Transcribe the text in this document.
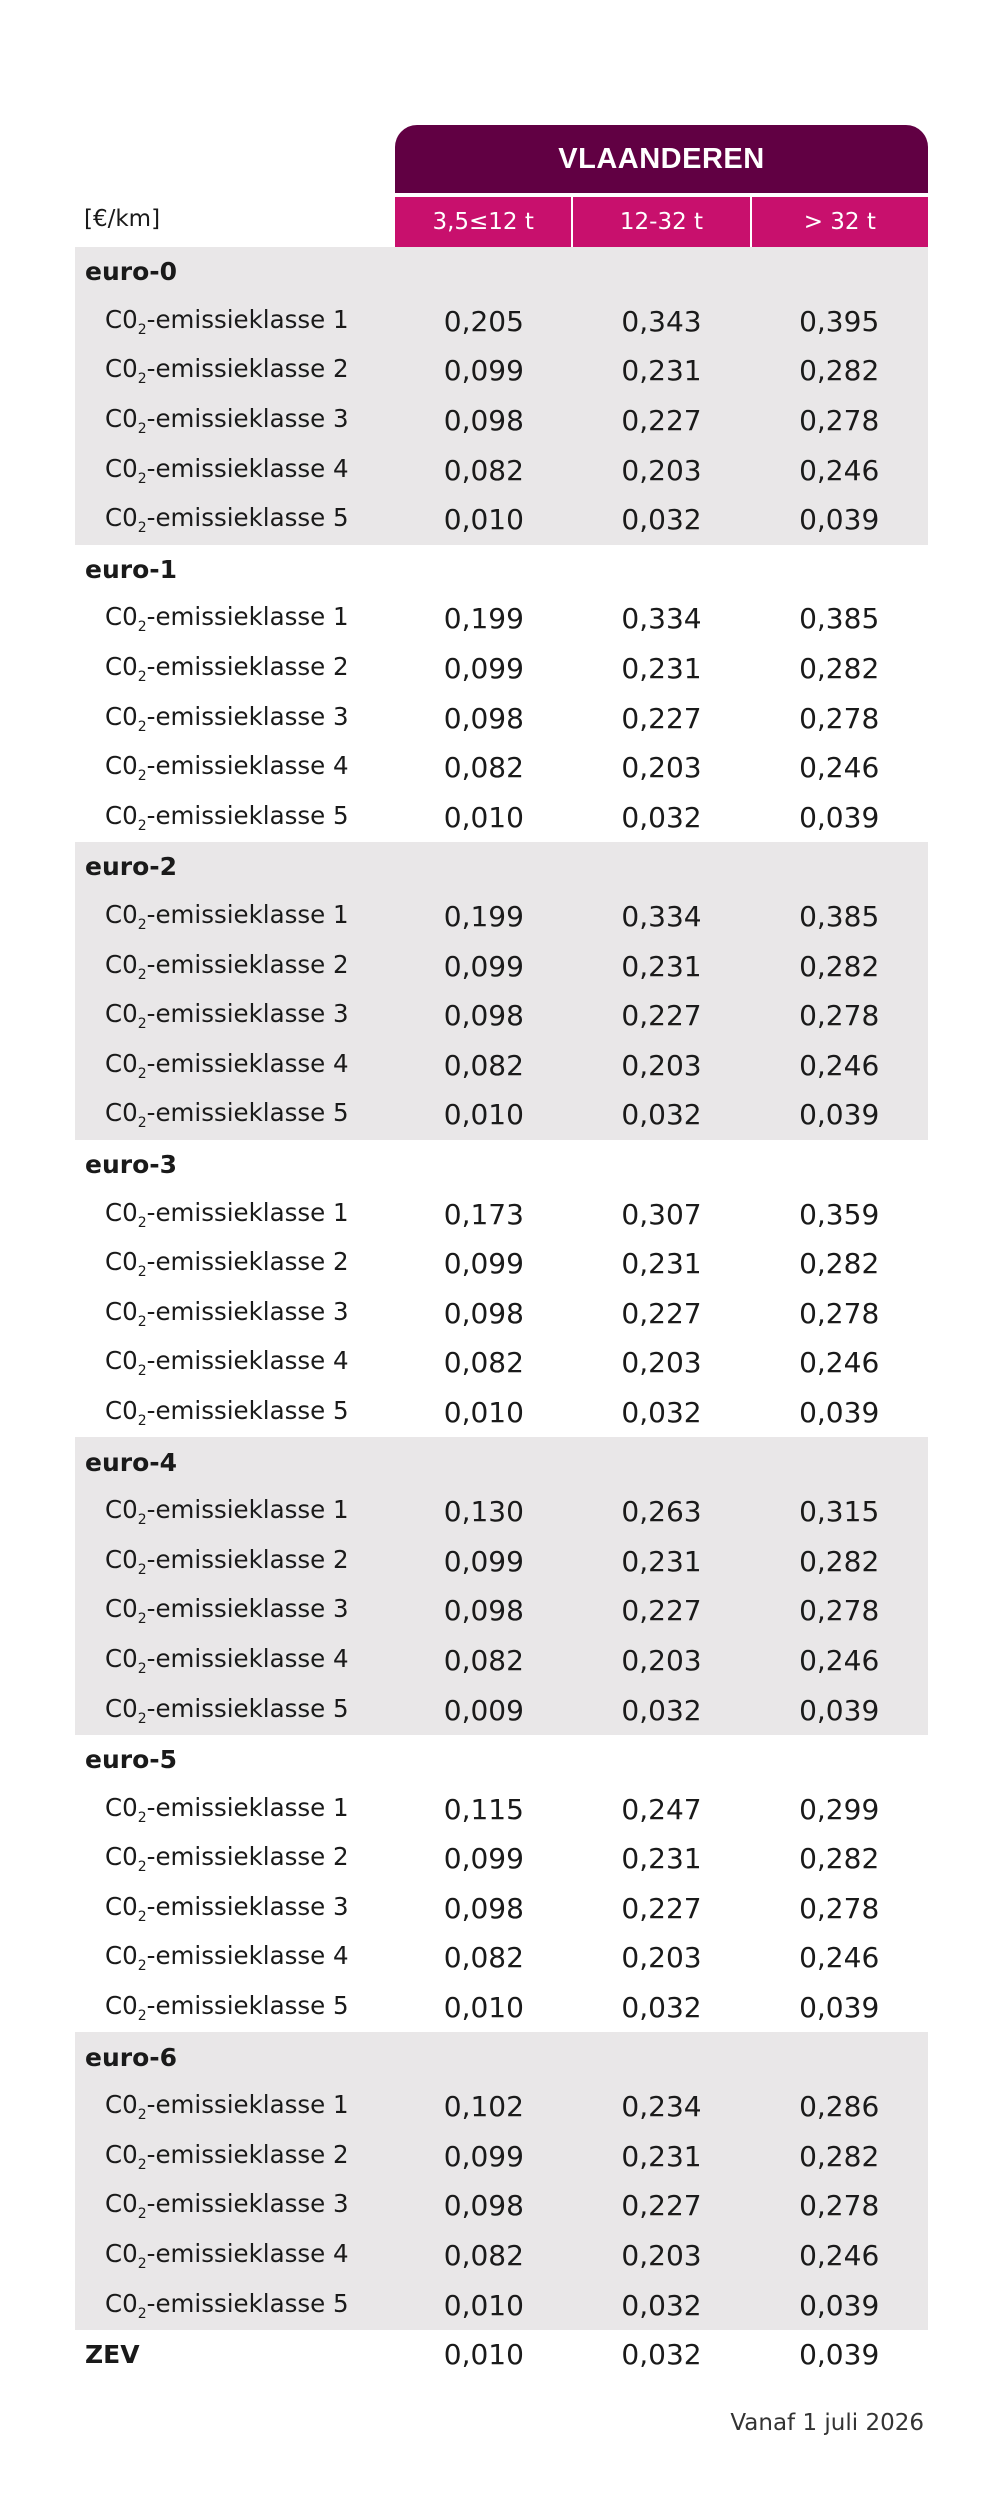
VLAANDEREN
[€/km]	3,5≤12 t	12-32 t	> 32 t
euro-0
$C0_2$-emissieklasse 1	0,205	0,343	0,395
$C0_2$-emissieklasse 2	0,099	0,231	0,282
$C0_2$-emissieklasse 3	0,098	0,227	0,278
$C0_2$-emissieklasse 4	0,082	0,203	0,246
$C0_2$-emissieklasse 5	0,010	0,032	0,039
euro-1
$C0_2$-emissieklasse 1	0,199	0,334	0,385
$C0_2$-emissieklasse 2	0,099	0,231	0,282
$C0_2$-emissieklasse 3	0,098	0,227	0,278
$C0_2$-emissieklasse 4	0,082	0,203	0,246
$C0_2$-emissieklasse 5	0,010	0,032	0,039
euro-2
$C0_2$-emissieklasse 1	0,199	0,334	0,385
$C0_2$-emissieklasse 2	0,099	0,231	0,282
$C0_2$-emissieklasse 3	0,098	0,227	0,278
$C0_2$-emissieklasse 4	0,082	0,203	0,246
$C0_2$-emissieklasse 5	0,010	0,032	0,039
euro-3
$C0_2$-emissieklasse 1	0,173	0,307	0,359
$C0_2$-emissieklasse 2	0,099	0,231	0,282
$C0_2$-emissieklasse 3	0,098	0,227	0,278
$C0_2$-emissieklasse 4	0,082	0,203	0,246
$C0_2$-emissieklasse 5	0,010	0,032	0,039
euro-4
$C0_2$-emissieklasse 1	0,130	0,263	0,315
$C0_2$-emissieklasse 2	0,099	0,231	0,282
$C0_2$-emissieklasse 3	0,098	0,227	0,278
$C0_2$-emissieklasse 4	0,082	0,203	0,246
$C0_2$-emissieklasse 5	0,009	0,032	0,039
euro-5
$C0_2$-emissieklasse 1	0,115	0,247	0,299
$C0_2$-emissieklasse 2	0,099	0,231	0,282
$C0_2$-emissieklasse 3	0,098	0,227	0,278
$C0_2$-emissieklasse 4	0,082	0,203	0,246
$C0_2$-emissieklasse 5	0,010	0,032	0,039
euro-6
$C0_2$-emissieklasse 1	0,102	0,234	0,286
$C0_2$-emissieklasse 2	0,099	0,231	0,282
$C0_2$-emissieklasse 3	0,098	0,227	0,278
$C0_2$-emissieklasse 4	0,082	0,203	0,246
$C0_2$-emissieklasse 5	0,010	0,032	0,039
ZEV	0,010	0,032	0,039
Vanaf 1 juli 2026
